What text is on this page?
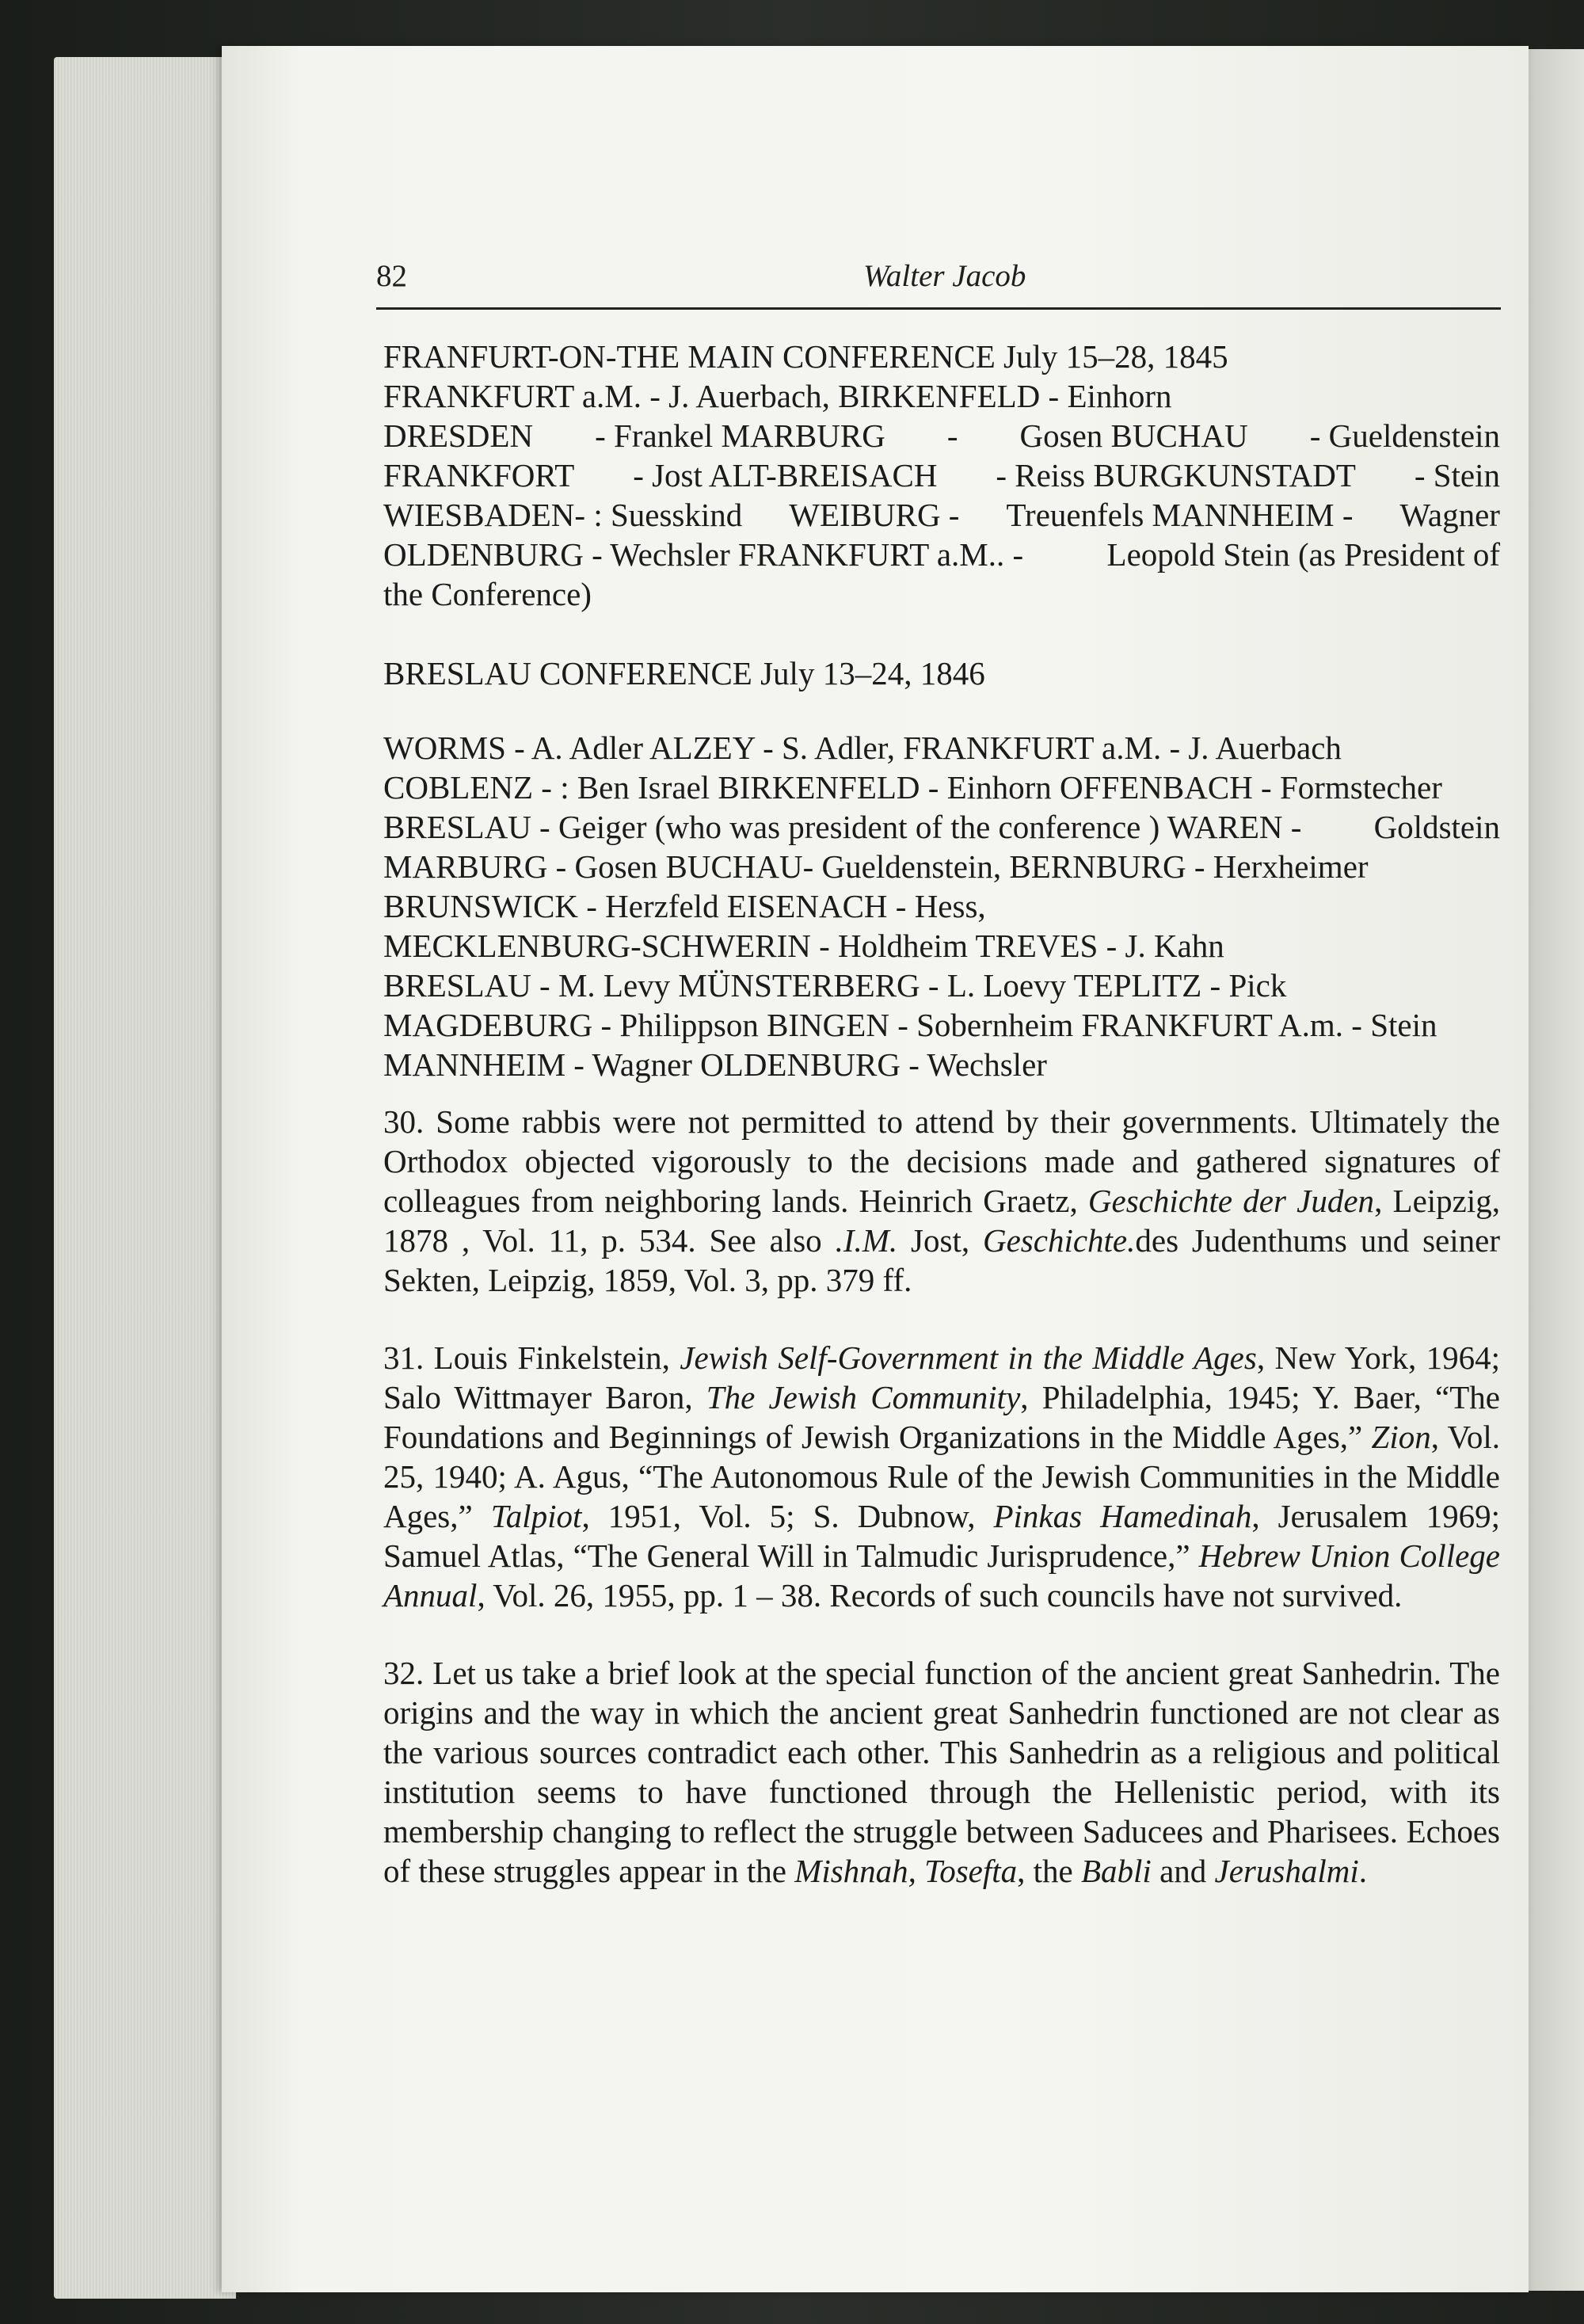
82	Walter Jacob
FRANFURT-ON-THE MAIN CONFERENCE July 15–28, 1845
FRANKFURT a.M. - J. Auerbach, BIRKENFELD - Einhorn
DRESDEN - Frankel MARBURG - Gosen BUCHAU - Gueldenstein
FRANKFORT - Jost ALT-BREISACH - Reiss BURGKUNSTADT - Stein
WIESBADEN- : Suesskind WEIBURG - Treuenfels MANNHEIM - Wagner
OLDENBURG - Wechsler FRANKFURT a.M.. -	Leopold Stein (as President of
the Conference)
BRESLAU CONFERENCE July 13–24, 1846
WORMS - A. Adler ALZEY - S. Adler, FRANKFURT a.M. - J. Auerbach
COBLENZ - : Ben Israel BIRKENFELD - Einhorn OFFENBACH - Formstecher
BRESLAU - Geiger (who was president of the conference ) WAREN - Goldstein
MARBURG - Gosen BUCHAU- Gueldenstein, BERNBURG - Herxheimer
BRUNSWICK - Herzfeld EISENACH - Hess,
MECKLENBURG-SCHWERIN - Holdheim TREVES - J. Kahn
BRESLAU - M. Levy MÜNSTERBERG - L. Loevy TEPLITZ - Pick
MAGDEBURG - Philippson BINGEN - Sobernheim FRANKFURT A.m. - Stein
MANNHEIM - Wagner OLDENBURG - Wechsler

30. Some rabbis were not permitted to attend by their governments. Ultimately the Orthodox objected vigorously to the decisions made and gathered signatures of colleagues from neighboring lands. Heinrich Graetz, Geschichte der Juden, Leipzig, 1878 , Vol. 11, p. 534. See also .I.M. Jost, Geschichte.des Judenthums und seiner Sekten, Leipzig, 1859, Vol. 3, pp. 379 ff.

31. Louis Finkelstein, Jewish Self-Government in the Middle Ages, New York, 1964; Salo Wittmayer Baron, The Jewish Community, Philadelphia, 1945; Y. Baer, “The Foundations and Beginnings of Jewish Organizations in the Middle Ages,” Zion, Vol. 25, 1940; A. Agus, “The Autonomous Rule of the Jewish Communities in the Middle Ages,” Talpiot, 1951, Vol. 5; S. Dubnow, Pinkas Hamedinah, Jerusalem 1969; Samuel Atlas, “The General Will in Talmudic Jurisprudence,” Hebrew Union College Annual, Vol. 26, 1955, pp. 1 – 38. Records of such councils have not survived.

32. Let us take a brief look at the special function of the ancient great Sanhedrin. The origins and the way in which the ancient great Sanhedrin functioned are not clear as the various sources contradict each other. This Sanhedrin as a religious and political institution seems to have functioned through the Hellenistic period, with its membership changing to reflect the struggle between Saducees and Pharisees. Echoes of these struggles appear in the Mishnah, Tosefta, the Babli and Jerushalmi.
